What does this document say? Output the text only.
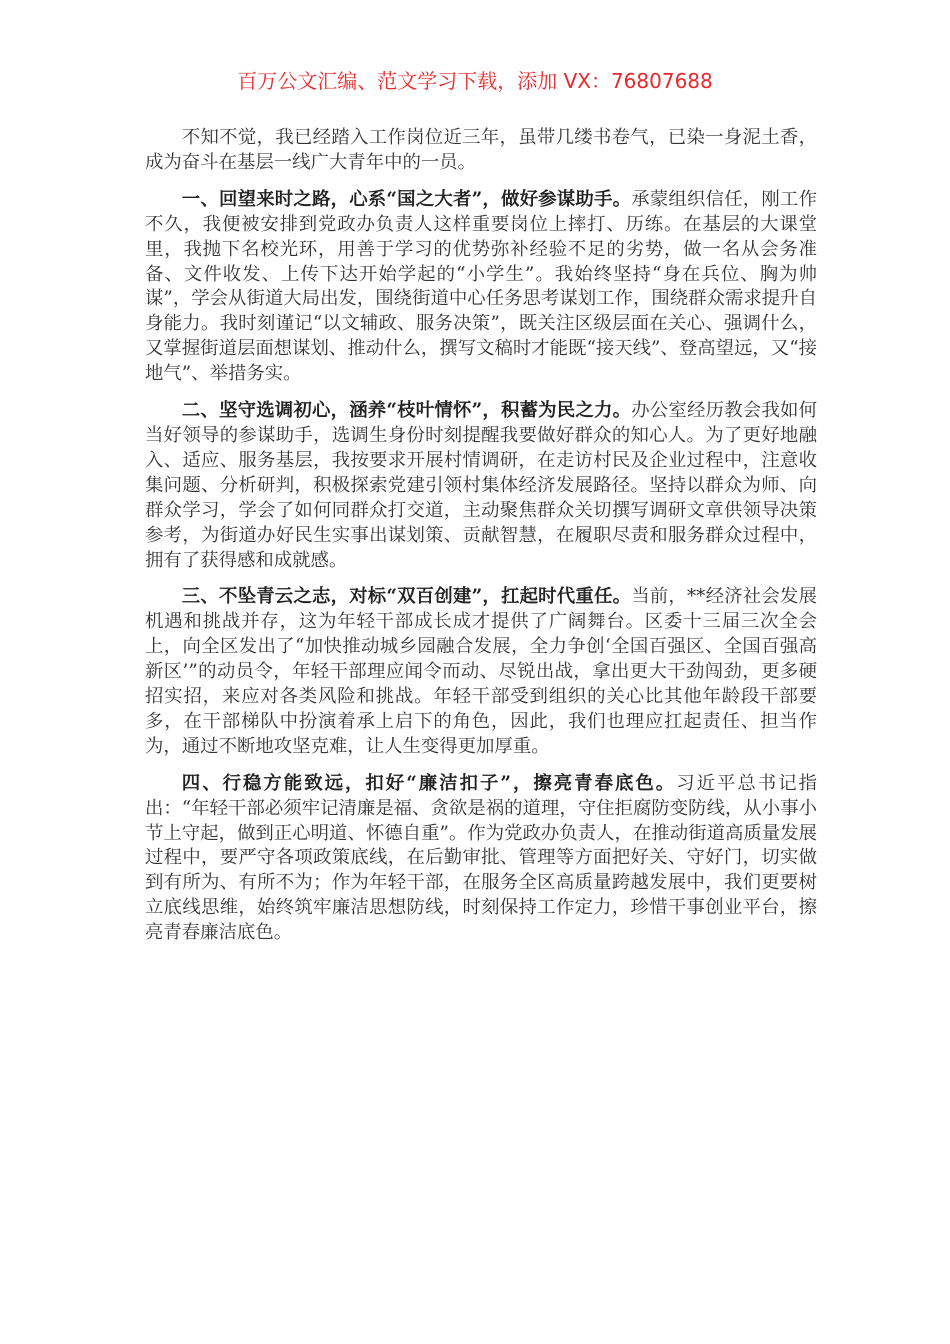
百万公文汇编、范文学习下载，添加 VX：76807688

不知不觉，我已经踏入工作岗位近三年，虽带几缕书卷气，已染一身泥土香，成为奋斗在基层一线广大青年中的一员。

一、回望来时之路，心系“国之大者”，做好参谋助手。承蒙组织信任，刚工作不久，我便被安排到党政办负责人这样重要岗位上摔打、历练。在基层的大课堂里，我抛下名校光环，用善于学习的优势弥补经验不足的劣势，做一名从会务准备、文件收发、上传下达开始学起的“小学生”。我始终坚持“身在兵位、胸为帅谋”，学会从街道大局出发，围绕街道中心任务思考谋划工作，围绕群众需求提升自身能力。我时刻谨记“以文辅政、服务决策”，既关注区级层面在关心、强调什么，又掌握街道层面想谋划、推动什么，撰写文稿时才能既“接天线”、登高望远，又“接地气”、举措务实。

二、坚守选调初心，涵养“枝叶情怀”，积蓄为民之力。办公室经历教会我如何当好领导的参谋助手，选调生身份时刻提醒我要做好群众的知心人。为了更好地融入、适应、服务基层，我按要求开展村情调研，在走访村民及企业过程中，注意收集问题、分析研判，积极探索党建引领村集体经济发展路径。坚持以群众为师、向群众学习，学会了如何同群众打交道，主动聚焦群众关切撰写调研文章供领导决策参考，为街道办好民生实事出谋划策、贡献智慧，在履职尽责和服务群众过程中，拥有了获得感和成就感。

三、不坠青云之志，对标“双百创建”，扛起时代重任。当前，**经济社会发展机遇和挑战并存，这为年轻干部成长成才提供了广阔舞台。区委十三届三次全会上，向全区发出了“加快推动城乡园融合发展，全力争创‘全国百强区、全国百强高新区’”的动员令，年轻干部理应闻令而动、尽锐出战，拿出更大干劲闯劲，更多硬招实招，来应对各类风险和挑战。年轻干部受到组织的关心比其他年龄段干部要多，在干部梯队中扮演着承上启下的角色，因此，我们也理应扛起责任、担当作为，通过不断地攻坚克难，让人生变得更加厚重。

四、行稳方能致远，扣好“廉洁扣子”，擦亮青春底色。习近平总书记指出：“年轻干部必须牢记清廉是福、贪欲是祸的道理，守住拒腐防变防线，从小事小节上守起，做到正心明道、怀德自重”。作为党政办负责人，在推动街道高质量发展过程中，要严守各项政策底线，在后勤审批、管理等方面把好关、守好门，切实做到有所为、有所不为；作为年轻干部，在服务全区高质量跨越发展中，我们更要树立底线思维，始终筑牢廉洁思想防线，时刻保持工作定力，珍惜干事创业平台，擦亮青春廉洁底色。
